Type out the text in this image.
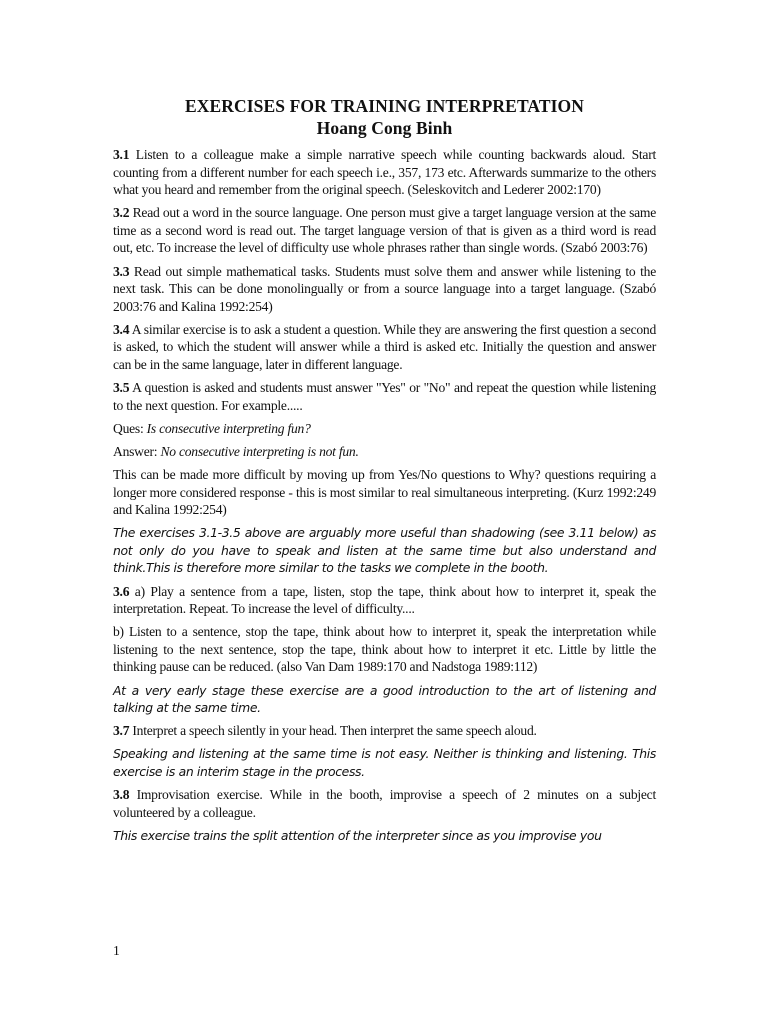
EXERCISES FOR TRAINING INTERPRETATION
Hoang Cong Binh

3.1 Listen to a colleague make a simple narrative speech while counting backwards aloud. Start counting from a different number for each speech i.e., 357, 173 etc. Afterwards summarize to the others what you heard and remember from the original speech. (Seleskovitch and Lederer 2002:170)

3.2 Read out a word in the source language. One person must give a target language version at the same time as a second word is read out. The target language version of that is given as a third word is read out, etc. To increase the level of difficulty use whole phrases rather than single words. (Szabó 2003:76)

3.3 Read out simple mathematical tasks. Students must solve them and answer while listening to the next task. This can be done monolingually or from a source language into a target language. (Szabó 2003:76 and Kalina 1992:254)

3.4 A similar exercise is to ask a student a question. While they are answering the first question a second is asked, to which the student will answer while a third is asked etc. Initially the question and answer can be in the same language, later in different language.

3.5 A question is asked and students must answer "Yes" or "No" and repeat the question while listening to the next question. For example.....

Ques: Is consecutive interpreting fun?

Answer: No consecutive interpreting is not fun.

This can be made more difficult by moving up from Yes/No questions to Why? questions requiring a longer more considered response - this is most similar to real simultaneous interpreting. (Kurz 1992:249 and Kalina 1992:254)

The exercises 3.1-3.5 above are arguably more useful than shadowing (see 3.11 below) as not only do you have to speak and listen at the same time but also understand and think.This is therefore more similar to the tasks we complete in the booth.

3.6 a) Play a sentence from a tape, listen, stop the tape, think about how to interpret it, speak the interpretation. Repeat. To increase the level of difficulty....

b) Listen to a sentence, stop the tape, think about how to interpret it, speak the interpretation while listening to the next sentence, stop the tape, think about how to interpret it etc. Little by little the thinking pause can be reduced. (also Van Dam 1989:170 and Nadstoga 1989:112)

At a very early stage these exercise are a good introduction to the art of listening and talking at the same time.

3.7 Interpret a speech silently in your head. Then interpret the same speech aloud.

Speaking and listening at the same time is not easy. Neither is thinking and listening. This exercise is an interim stage in the process.

3.8 Improvisation exercise. While in the booth, improvise a speech of 2 minutes on a subject volunteered by a colleague.

This exercise trains the split attention of the interpreter since as you improvise you

1
